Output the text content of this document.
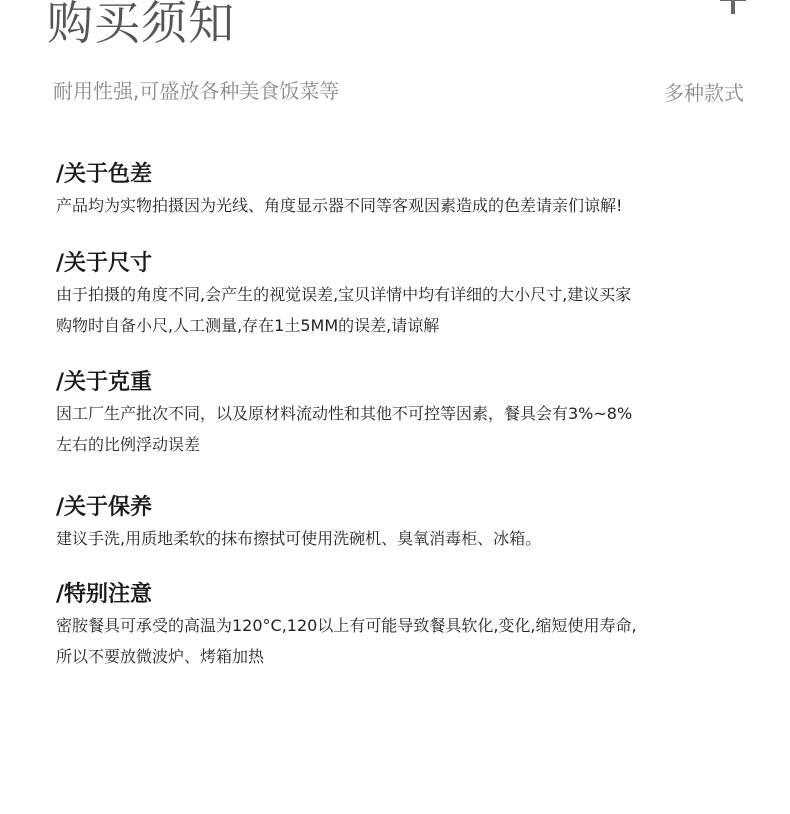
购买须知
耐用性强,可盛放各种美食饭菜等	多种款式
/关于色差

产品均为实物拍摄因为光线、角度显示器不同等客观因素造成的色差请亲们谅解!

/关于尺寸

由于拍摄的角度不同,会产生的视觉误差,宝贝详情中均有详细的大小尺寸,建议买家
购物时自备小尺,人工测量,存在1土5MM的误差,请谅解

/关于克重

因工厂生产批次不同，以及原材料流动性和其他不可控等因素，餐具会有3%~8%
左右的比例浮动误差

/关于保养

建议手洗,用质地柔软的抹布擦拭可使用洗碗机、臭氧消毒柜、冰箱。

/特别注意

密胺餐具可承受的高温为120°C,120以上有可能导致餐具软化,变化,缩短使用寿命,
所以不要放微波炉、烤箱加热
